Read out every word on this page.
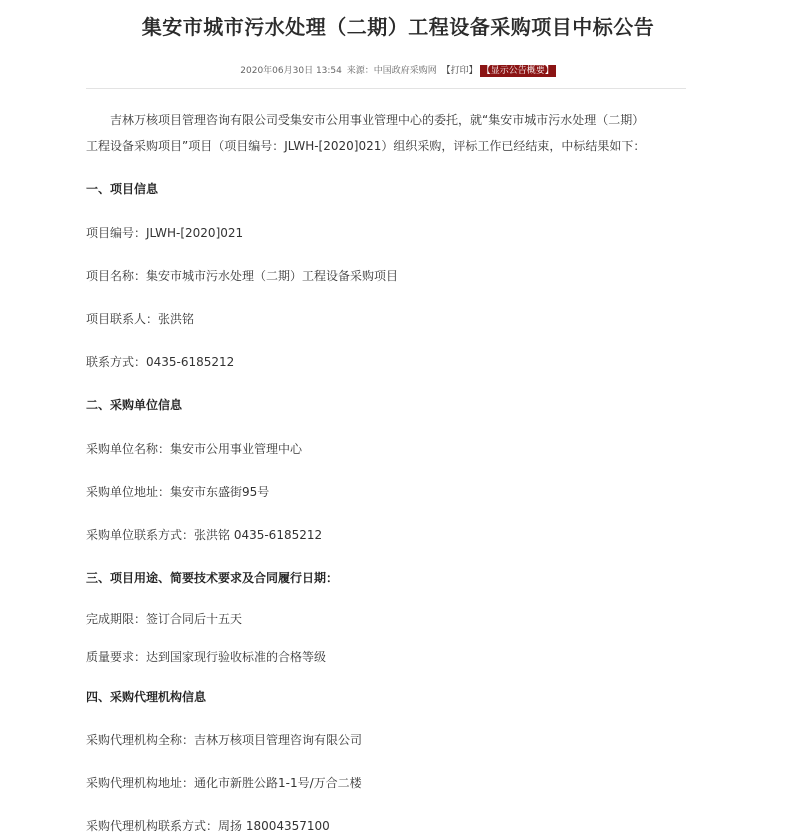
集安市城市污水处理（二期）工程设备采购项目中标公告
2020年06月30日 13:54 来源：中国政府采购网 【打印】 【显示公告概要】
吉林万核项目管理咨询有限公司受集安市公用事业管理中心的委托，就“集安市城市污水处理（二期）
工程设备采购项目”项目（项目编号：JLWH-[2020]021）组织采购，评标工作已经结束，中标结果如下：
一、项目信息
项目编号：JLWH-[2020]021
项目名称：集安市城市污水处理（二期）工程设备采购项目
项目联系人：张洪铭
联系方式：0435-6185212
二、采购单位信息
采购单位名称：集安市公用事业管理中心
采购单位地址：集安市东盛街95号
采购单位联系方式：张洪铭 0435-6185212
三、项目用途、简要技术要求及合同履行日期：
完成期限：签订合同后十五天
质量要求：达到国家现行验收标准的合格等级
四、采购代理机构信息
采购代理机构全称：吉林万核项目管理咨询有限公司
采购代理机构地址：通化市新胜公路1-1号/万合二楼
采购代理机构联系方式：周扬 18004357100
